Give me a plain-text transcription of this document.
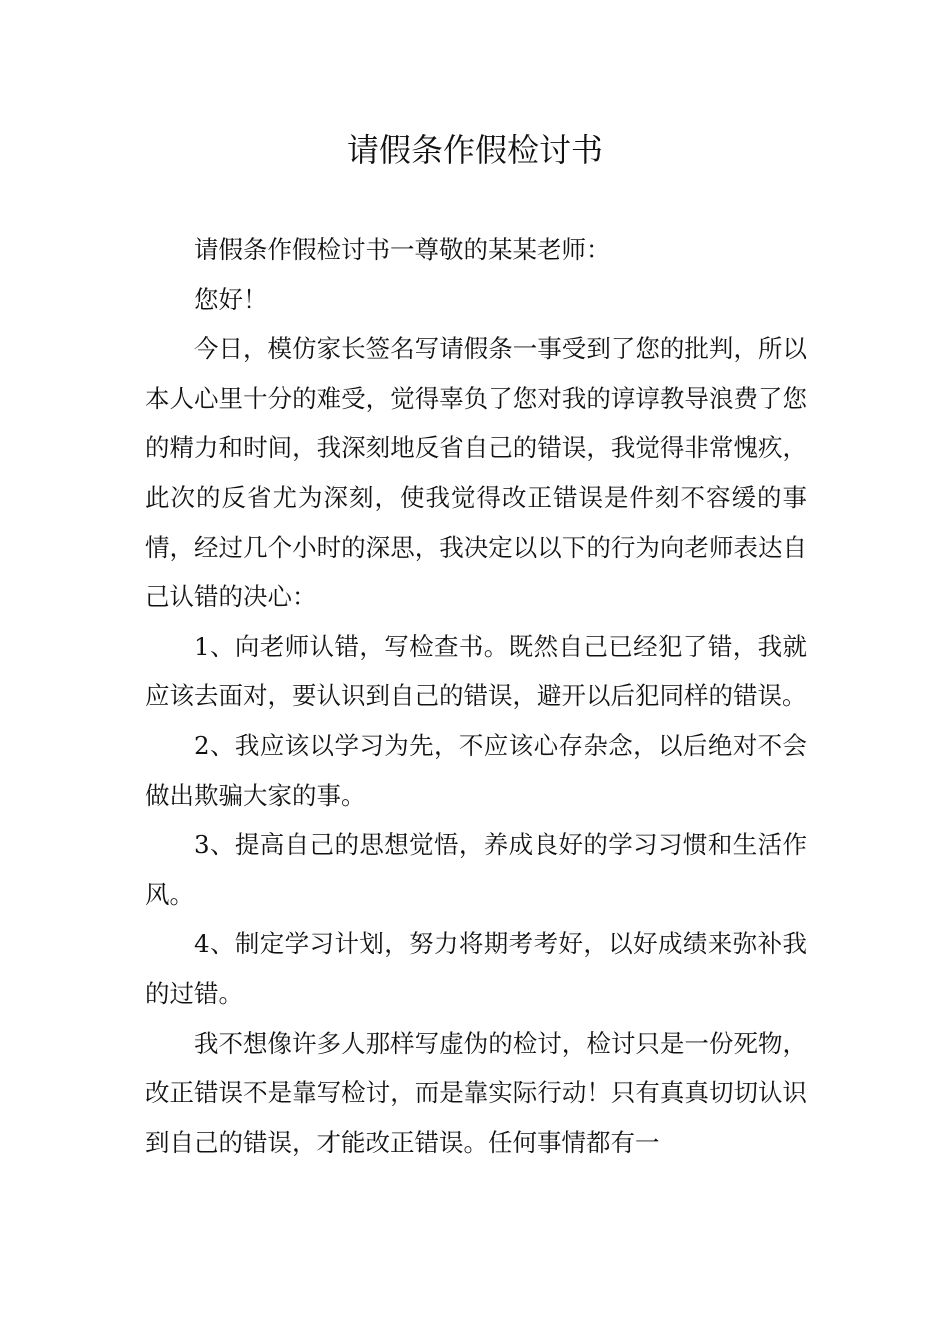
请假条作假检讨书

请假条作假检讨书一尊敬的某某老师：

您好！

今日，模仿家长签名写请假条一事受到了您的批判，所以本人心里十分的难受，觉得辜负了您对我的谆谆教导浪费了您的精力和时间，我深刻地反省自己的错误，我觉得非常愧疚，此次的反省尤为深刻，使我觉得改正错误是件刻不容缓的事情，经过几个小时的深思，我决定以以下的行为向老师表达自己认错的决心：

1、向老师认错，写检查书。既然自己已经犯了错，我就应该去面对，要认识到自己的错误，避开以后犯同样的错误。

2、我应该以学习为先，不应该心存杂念，以后绝对不会做出欺骗大家的事。

3、提高自己的思想觉悟，养成良好的学习习惯和生活作风。

4、制定学习计划，努力将期考考好，以好成绩来弥补我的过错。

我不想像许多人那样写虚伪的检讨，检讨只是一份死物，改正错误不是靠写检讨，而是靠实际行动！只有真真切切认识到自己的错误，才能改正错误。任何事情都有一
